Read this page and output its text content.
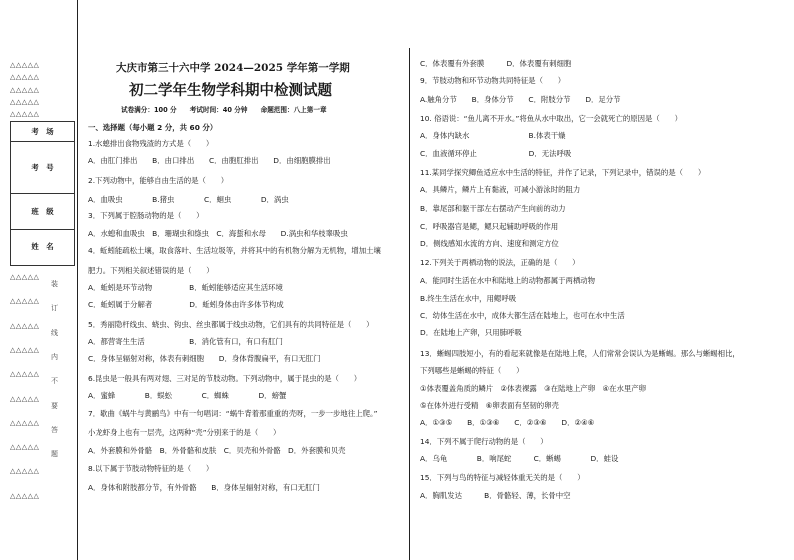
△△△△△
△△△△△
△△△△△
△△△△△
△△△△△
考　场
考　号
班　级
姓　名
△△△△△
装
△△△△△
订
△△△△△
线
△△△△△
内
△△△△△
不
△△△△△
要
△△△△△
答
△△△△△
题
△△△△△
△△△△△
大庆市第三十六中学 2024—2025 学年第一学期
初二学年生物学科期中检测试题
试卷满分：100 分　　考试时间：40 分钟　　命题范围：八上第一章
一、选择题（每小题 2 分，共 60 分）
1.水螅排出食物残渣的方式是（　　）
A．由肛门排出　　B．由口排出　　C．由胞肛排出　　D．由细胞膜排出
2.下列动物中，能够自由生活的是（　　）
A．血吸虫　　　　B.猪虫　　　　C．蛔虫　　　　D．涡虫
3．下列属于腔肠动物的是（　　）
A．水螅和血吸虫　B．珊瑚虫和绦虫　C．海蜇和水母　　D.涡虫和华枝睾吸虫
4．蚯蚓能疏松土壤，取食落叶、生活垃圾等，并将其中的有机物分解为无机物，增加土壤
肥力。下列相关叙述错误的是（　　）
A．蚯蚓是环节动物　　　　　B．蚯蚓能够适应其生活环境
C．蚯蚓属于分解者　　　　　D．蚯蚓身体由许多体节构成
5．秀丽隐杆线虫、蛲虫、钩虫、丝虫都属于线虫动物，它们具有的共同特征是（　　）
A．都营寄生生活　　　　　　B．消化管有口，有口有肛门
C．身体呈辐射对称，体表有刺细胞　　D．身体背腹扁平，有口无肛门
6.昆虫是一般具有两对翅、三对足的节肢动物。下列动物中，属于昆虫的是（　　）
A．蜜蜂　　　　B．蜈蚣　　　　C．蜘蛛　　　　D．螃蟹
7．歇曲《蜗牛与黄鹂鸟》中有一句唱词：“蜗牛背着那重重的壳呀，一步一步地往上爬。”
小龙虾身上也有一层壳，这两种“壳”分别来于的是（　　）
A．外套膜和外骨骼　B．外骨骼和皮肤　C．贝壳和外骨骼　D．外套膜和贝壳
8.以下属于节肢动物特征的是（　　）
A．身体和附肢都分节，有外骨骼　　B．身体呈辐射对称，有口无肛门
C．体表覆有外套膜　　　D．体表覆有刺细胞
9．节肢动物和环节动物共同特征是（　　）
A.触角分节　　B．身体分节　　C．附肢分节　　D．足分节
10. 俗语说：“鱼儿离不开水。”将鱼从水中取出，它一会就死亡的原因是（　　）
A．身体内缺水　　　　　　　　B.体表干燥
C．血液循环停止　　　　　　　D．无法呼吸
11.某同学探究鲫鱼适应水中生活的特征，并作了记录，下列记录中，错误的是（　　）
A．具鳞片，鳞片上有黏液，可减小游泳时的阻力
B．靠尾部和躯干部左右摆动产生向前的动力
C．呼吸器官是鳃，鳃只起辅助呼吸的作用
D．侧线感知水流的方向、速度和测定方位
12.下列关于两栖动物的说法，正确的是（　　）
A．能同时生活在水中和陆地上的动物都属于两栖动物
B.终生生活在水中，用鳃呼吸
C．幼体生活在水中，成体大都生活在陆地上，也可在水中生活
D．在陆地上产卵，只用肺呼吸
13．蜥蜴四肢短小，有的看起来就像是在陆地上爬，人们常常会误认为是蜥蜴。那么与蜥蜴相比，
下列哪些是蜥蜴的特征（　　）
①体表覆盖角质的鳞片　②体表裸露　③在陆地上产卵　④在水里产卵
⑤在体外进行受精　⑥卵表面有坚韧的卵壳
A．①③⑤　　B．①③⑥　　C．②③⑥　　D．②④⑥
14．下列不属于爬行动物的是（　　）
A．乌龟　　　　B．响尾蛇　　　C．蜥蜴　　　　D．蛙设
15．下列与鸟的特征与减轻体重无关的是（　　）
A．胸肌发达　　　B．骨骼轻、薄，长骨中空
